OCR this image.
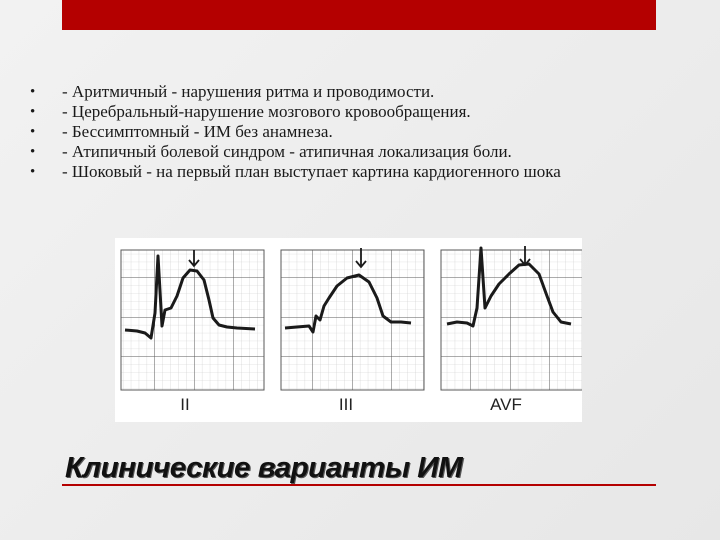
• - Аритмичный - нарушения ритма и проводимости.
• - Церебральный-нарушение мозгового кровообращения.
• - Бессимптомный - ИМ без анамнеза.
• - Атипичный болевой синдром - атипичная локализация боли.
• - Шоковый - на первый план выступает картина кардиогенного шока
II	III	AVF
Клинические варианты ИМ
